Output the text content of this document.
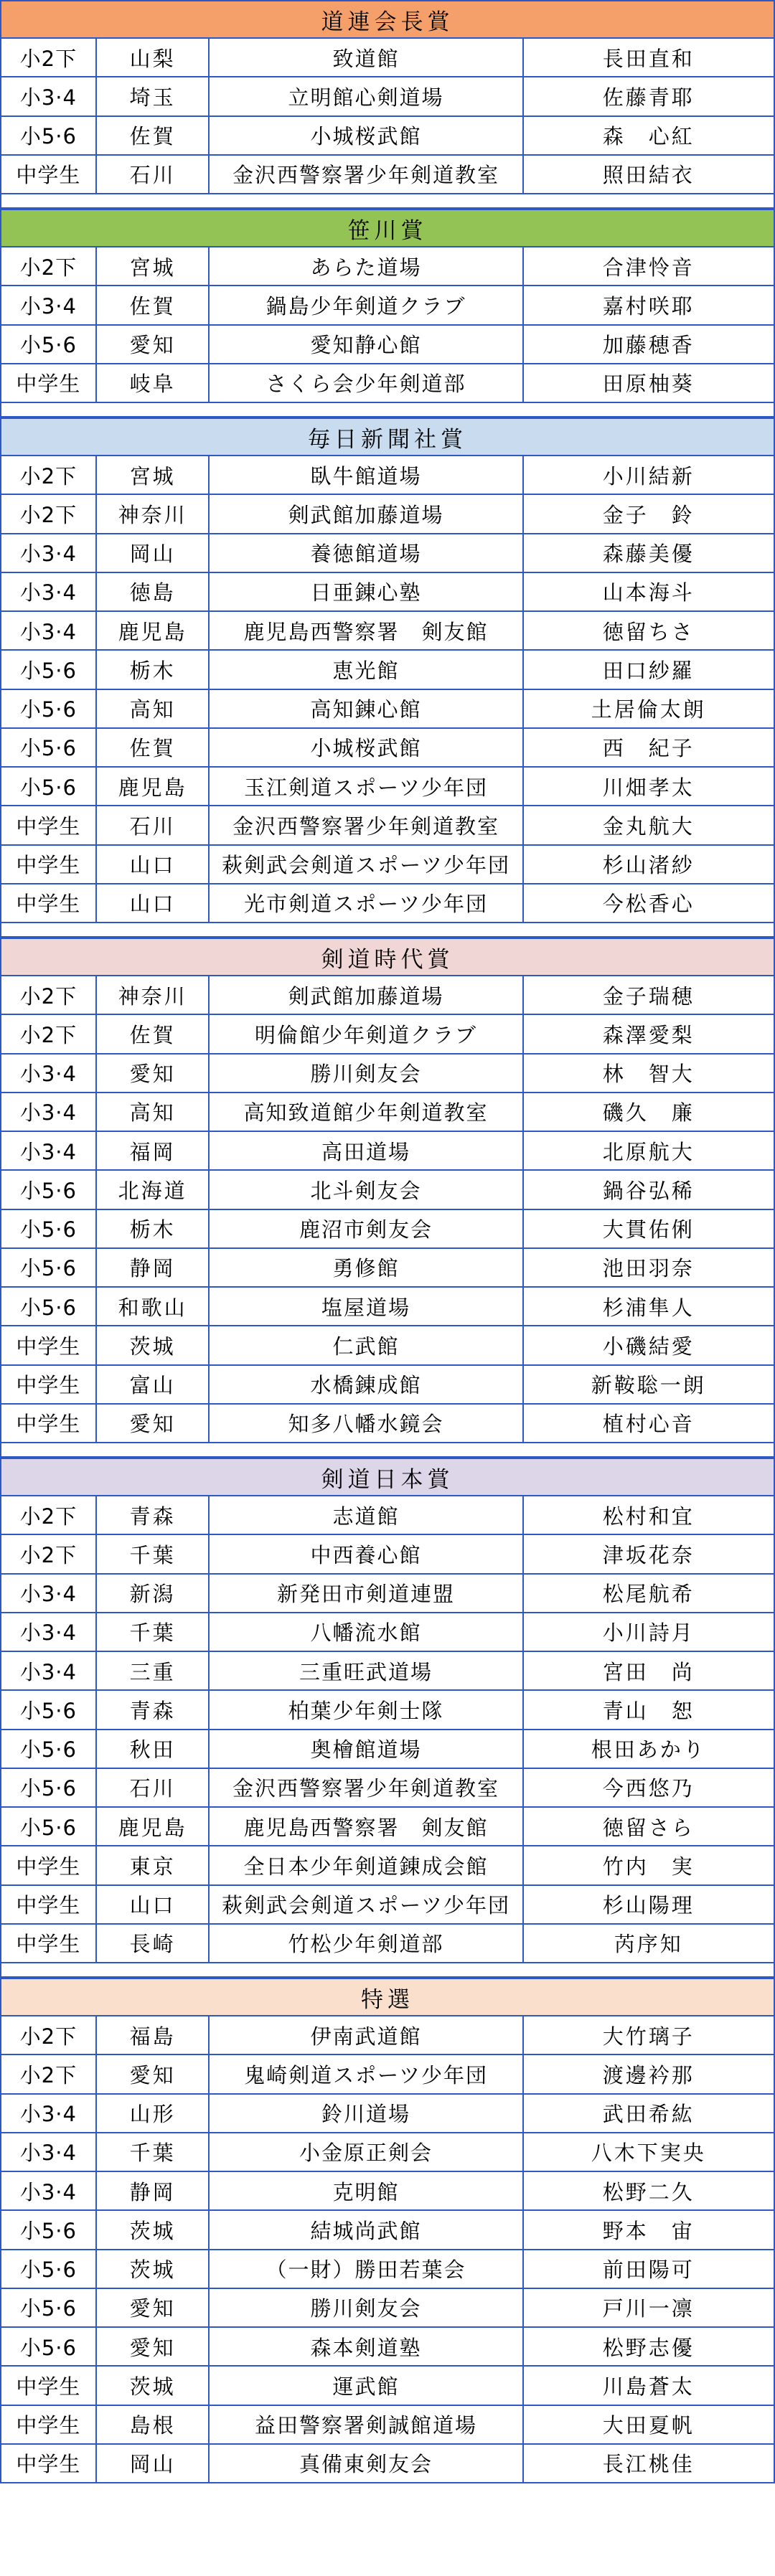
道連会長賞
小2下	山梨	致道館	長田直和
小3·4	埼玉	立明館心剣道場	佐藤青耶
小5·6	佐賀	小城桜武館	森　心紅
中学生	石川	金沢西警察署少年剣道教室	照田結衣
笹川賞
小2下	宮城	あらた道場	合津怜音
小3·4	佐賀	鍋島少年剣道クラブ	嘉村咲耶
小5·6	愛知	愛知静心館	加藤穂香
中学生	岐阜	さくら会少年剣道部	田原柚葵
毎日新聞社賞
小2下	宮城	臥牛館道場	小川結新
小2下	神奈川	剣武館加藤道場	金子　鈴
小3·4	岡山	養徳館道場	森藤美優
小3·4	徳島	日亜錬心塾	山本海斗
小3·4	鹿児島	鹿児島西警察署　剣友館	徳留ちさ
小5·6	栃木	恵光館	田口紗羅
小5·6	高知	高知錬心館	土居倫太朗
小5·6	佐賀	小城桜武館	西　紀子
小5·6	鹿児島	玉江剣道スポーツ少年団	川畑孝太
中学生	石川	金沢西警察署少年剣道教室	金丸航大
中学生	山口	萩剣武会剣道スポーツ少年団	杉山渚紗
中学生	山口	光市剣道スポーツ少年団	今松香心
剣道時代賞
小2下	神奈川	剣武館加藤道場	金子瑞穂
小2下	佐賀	明倫館少年剣道クラブ	森澤愛梨
小3·4	愛知	勝川剣友会	林　智大
小3·4	高知	高知致道館少年剣道教室	磯久　廉
小3·4	福岡	高田道場	北原航大
小5·6	北海道	北斗剣友会	鍋谷弘稀
小5·6	栃木	鹿沼市剣友会	大貫佑俐
小5·6	静岡	勇修館	池田羽奈
小5·6	和歌山	塩屋道場	杉浦隼人
中学生	茨城	仁武館	小磯結愛
中学生	富山	水橋錬成館	新鞍聡一朗
中学生	愛知	知多八幡水鏡会	植村心音
剣道日本賞
小2下	青森	志道館	松村和宜
小2下	千葉	中西養心館	津坂花奈
小3·4	新潟	新発田市剣道連盟	松尾航希
小3·4	千葉	八幡流水館	小川詩月
小3·4	三重	三重旺武道場	宮田　尚
小5·6	青森	柏葉少年剣士隊	青山　恕
小5·6	秋田	奥檜館道場	根田あかり
小5·6	石川	金沢西警察署少年剣道教室	今西悠乃
小5·6	鹿児島	鹿児島西警察署　剣友館	徳留さら
中学生	東京	全日本少年剣道錬成会館	竹内　実
中学生	山口	萩剣武会剣道スポーツ少年団	杉山陽理
中学生	長崎	竹松少年剣道部	芮序知
特選
小2下	福島	伊南武道館	大竹璃子
小2下	愛知	鬼崎剣道スポーツ少年団	渡邊衿那
小3·4	山形	鈴川道場	武田希紘
小3·4	千葉	小金原正剣会	八木下実央
小3·4	静岡	克明館	松野二久
小5·6	茨城	結城尚武館	野本　宙
小5·6	茨城	（一財）勝田若葉会	前田陽可
小5·6	愛知	勝川剣友会	戸川一凛
小5·6	愛知	森本剣道塾	松野志優
中学生	茨城	運武館	川島蒼太
中学生	島根	益田警察署剣誠館道場	大田夏帆
中学生	岡山	真備東剣友会	長江桃佳
